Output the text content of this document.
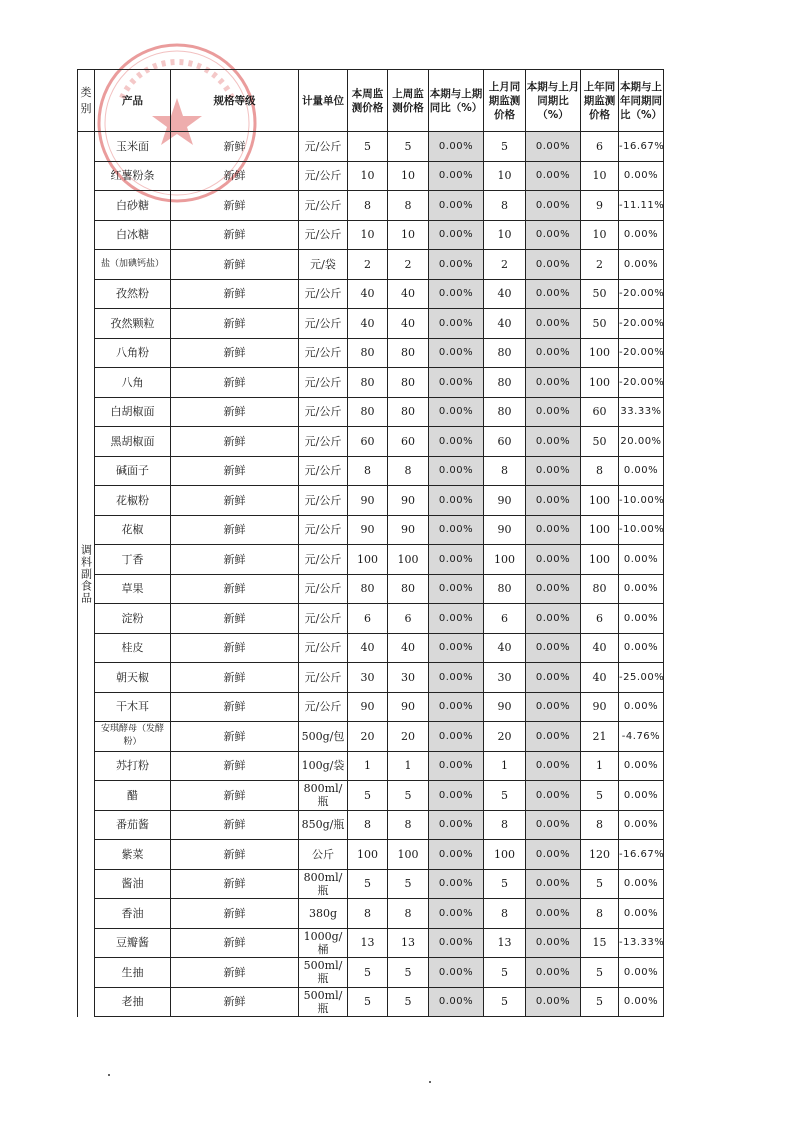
类别	产品	规格等级	计量单位	本周监测价格	上周监测价格	本期与上期同比（%）	上月同期监测价格	本期与上月同期比（%）	上年同期监测价格	本期与上年同期同比（%）
调料副食品	玉米面	新鲜	元/公斤	5	5	0.00%	5	0.00%	6	-16.67%
	红薯粉条	新鲜	元/公斤	10	10	0.00%	10	0.00%	10	0.00%
	白砂糖	新鲜	元/公斤	8	8	0.00%	8	0.00%	9	-11.11%
	白冰糖	新鲜	元/公斤	10	10	0.00%	10	0.00%	10	0.00%
	盐（加碘钙盐）	新鲜	元/袋	2	2	0.00%	2	0.00%	2	0.00%
	孜然粉	新鲜	元/公斤	40	40	0.00%	40	0.00%	50	-20.00%
	孜然颗粒	新鲜	元/公斤	40	40	0.00%	40	0.00%	50	-20.00%
	八角粉	新鲜	元/公斤	80	80	0.00%	80	0.00%	100	-20.00%
	八角	新鲜	元/公斤	80	80	0.00%	80	0.00%	100	-20.00%
	白胡椒面	新鲜	元/公斤	80	80	0.00%	80	0.00%	60	33.33%
	黑胡椒面	新鲜	元/公斤	60	60	0.00%	60	0.00%	50	20.00%
	碱面子	新鲜	元/公斤	8	8	0.00%	8	0.00%	8	0.00%
	花椒粉	新鲜	元/公斤	90	90	0.00%	90	0.00%	100	-10.00%
	花椒	新鲜	元/公斤	90	90	0.00%	90	0.00%	100	-10.00%
	丁香	新鲜	元/公斤	100	100	0.00%	100	0.00%	100	0.00%
	草果	新鲜	元/公斤	80	80	0.00%	80	0.00%	80	0.00%
	淀粉	新鲜	元/公斤	6	6	0.00%	6	0.00%	6	0.00%
	桂皮	新鲜	元/公斤	40	40	0.00%	40	0.00%	40	0.00%
	朝天椒	新鲜	元/公斤	30	30	0.00%	30	0.00%	40	-25.00%
	干木耳	新鲜	元/公斤	90	90	0.00%	90	0.00%	90	0.00%
	安琪酵母（发酵粉）	新鲜	500g/包	20	20	0.00%	20	0.00%	21	-4.76%
	苏打粉	新鲜	100g/袋	1	1	0.00%	1	0.00%	1	0.00%
	醋	新鲜	800ml/瓶	5	5	0.00%	5	0.00%	5	0.00%
	番茄酱	新鲜	850g/瓶	8	8	0.00%	8	0.00%	8	0.00%
	紫菜	新鲜	公斤	100	100	0.00%	100	0.00%	120	-16.67%
	酱油	新鲜	800ml/瓶	5	5	0.00%	5	0.00%	5	0.00%
	香油	新鲜	380g	8	8	0.00%	8	0.00%	8	0.00%
	豆瓣酱	新鲜	1000g/桶	13	13	0.00%	13	0.00%	15	-13.33%
	生抽	新鲜	500ml/瓶	5	5	0.00%	5	0.00%	5	0.00%
	老抽	新鲜	500ml/瓶	5	5	0.00%	5	0.00%	5	0.00%
